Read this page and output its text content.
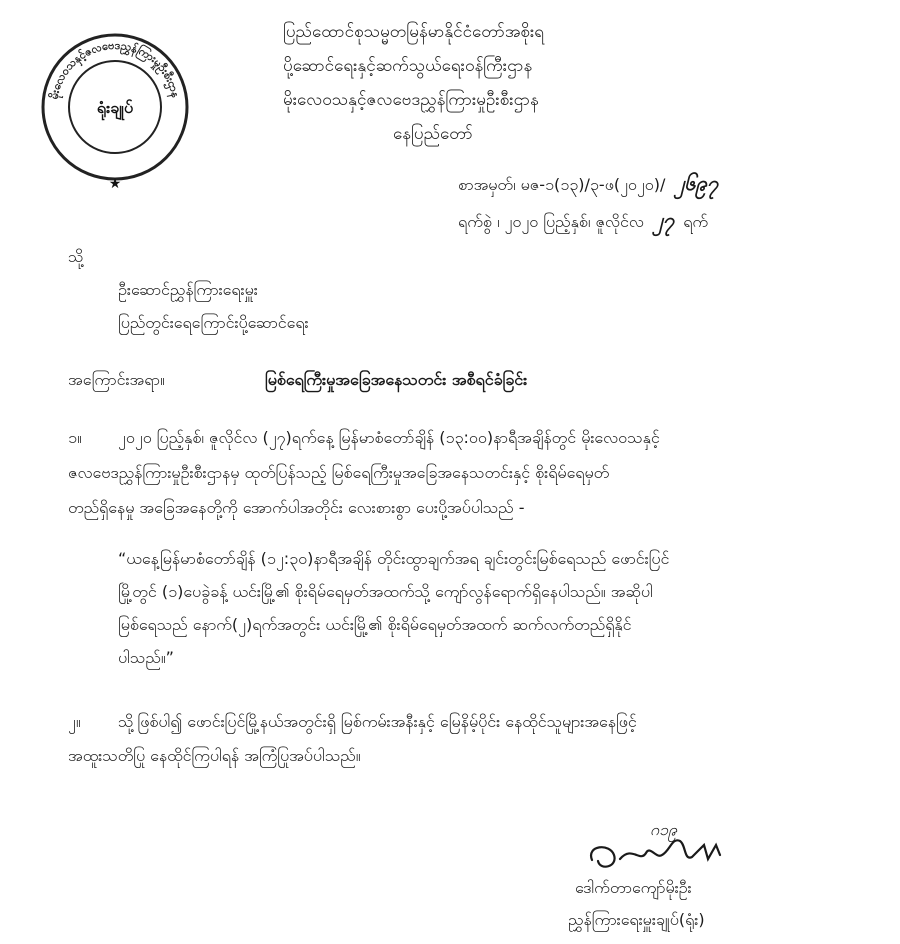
မိုးလေဝသနှင့်ဇလဗေဒညွှန်ကြားမှုဦးစီးဌာန
ရုံးချုပ်
★
ပြည်ထောင်စုသမ္မတမြန်မာနိုင်ငံတော်အစိုးရ
ပို့ဆောင်ရေးနှင့်ဆက်သွယ်ရေးဝန်ကြီးဌာန
မိုးလေဝသနှင့်ဇလဗေဒညွှန်ကြားမှုဦးစီးဌာန
နေပြည်တော်
စာအမှတ်၊ မဇ-၁(၁၃)/၃-ဖ(၂၀၂၀)/ ၂၆၉၇
ရက်စွဲ ၊ ၂၀၂၀ ပြည့်နှစ်၊ ဇူလိုင်လ ၂၇ ရက်
သို့
ဦးဆောင်ညွှန်ကြားရေးမှူး
ပြည်တွင်းရေကြောင်းပို့ဆောင်ရေး
အကြောင်းအရာ။	မြစ်ရေကြီးမှုအခြေအနေသတင်း အစီရင်ခံခြင်း
၁။ ၂၀၂၀ ပြည့်နှစ်၊ ဇူလိုင်လ (၂၇)ရက်နေ့ မြန်မာစံတော်ချိန် (၁၃:၀၀)နာရီအချိန်တွင် မိုးလေဝသနှင့်
ဇလဗေဒညွှန်ကြားမှုဦးစီးဌာနမှ ထုတ်ပြန်သည့် မြစ်ရေကြီးမှုအခြေအနေသတင်းနှင့် စိုးရိမ်ရေမှတ်
တည်ရှိနေမှု အခြေအနေတို့ကို အောက်ပါအတိုင်း လေးစားစွာ ပေးပို့အပ်ပါသည် -
“ယနေ့မြန်မာစံတော်ချိန် (၁၂:၃၀)နာရီအချိန် တိုင်းထွာချက်အရ ချင်းတွင်းမြစ်ရေသည် ဖောင်းပြင်
မြို့တွင် (၁)ပေခွဲခန့် ယင်းမြို့၏ စိုးရိမ်ရေမှတ်အထက်သို့ ကျော်လွန်ရောက်ရှိနေပါသည်။ အဆိုပါ
မြစ်ရေသည် နောက်(၂)ရက်အတွင်း ယင်းမြို့၏ စိုးရိမ်ရေမှတ်အထက် ဆက်လက်တည်ရှိနိုင်
ပါသည်။”
၂။ သို့ဖြစ်ပါ၍ ဖောင်းပြင်မြို့နယ်အတွင်းရှိ မြစ်ကမ်းအနီးနှင့် မြေနိမ့်ပိုင်း နေထိုင်သူများအနေဖြင့်
အထူးသတိပြု နေထိုင်ကြပါရန် အကြံပြုအပ်ပါသည်။
ဂ၁၉
ဒေါက်တာကျော်မိုးဦး
ညွှန်ကြားရေးမှူးချုပ်(ရုံး)
